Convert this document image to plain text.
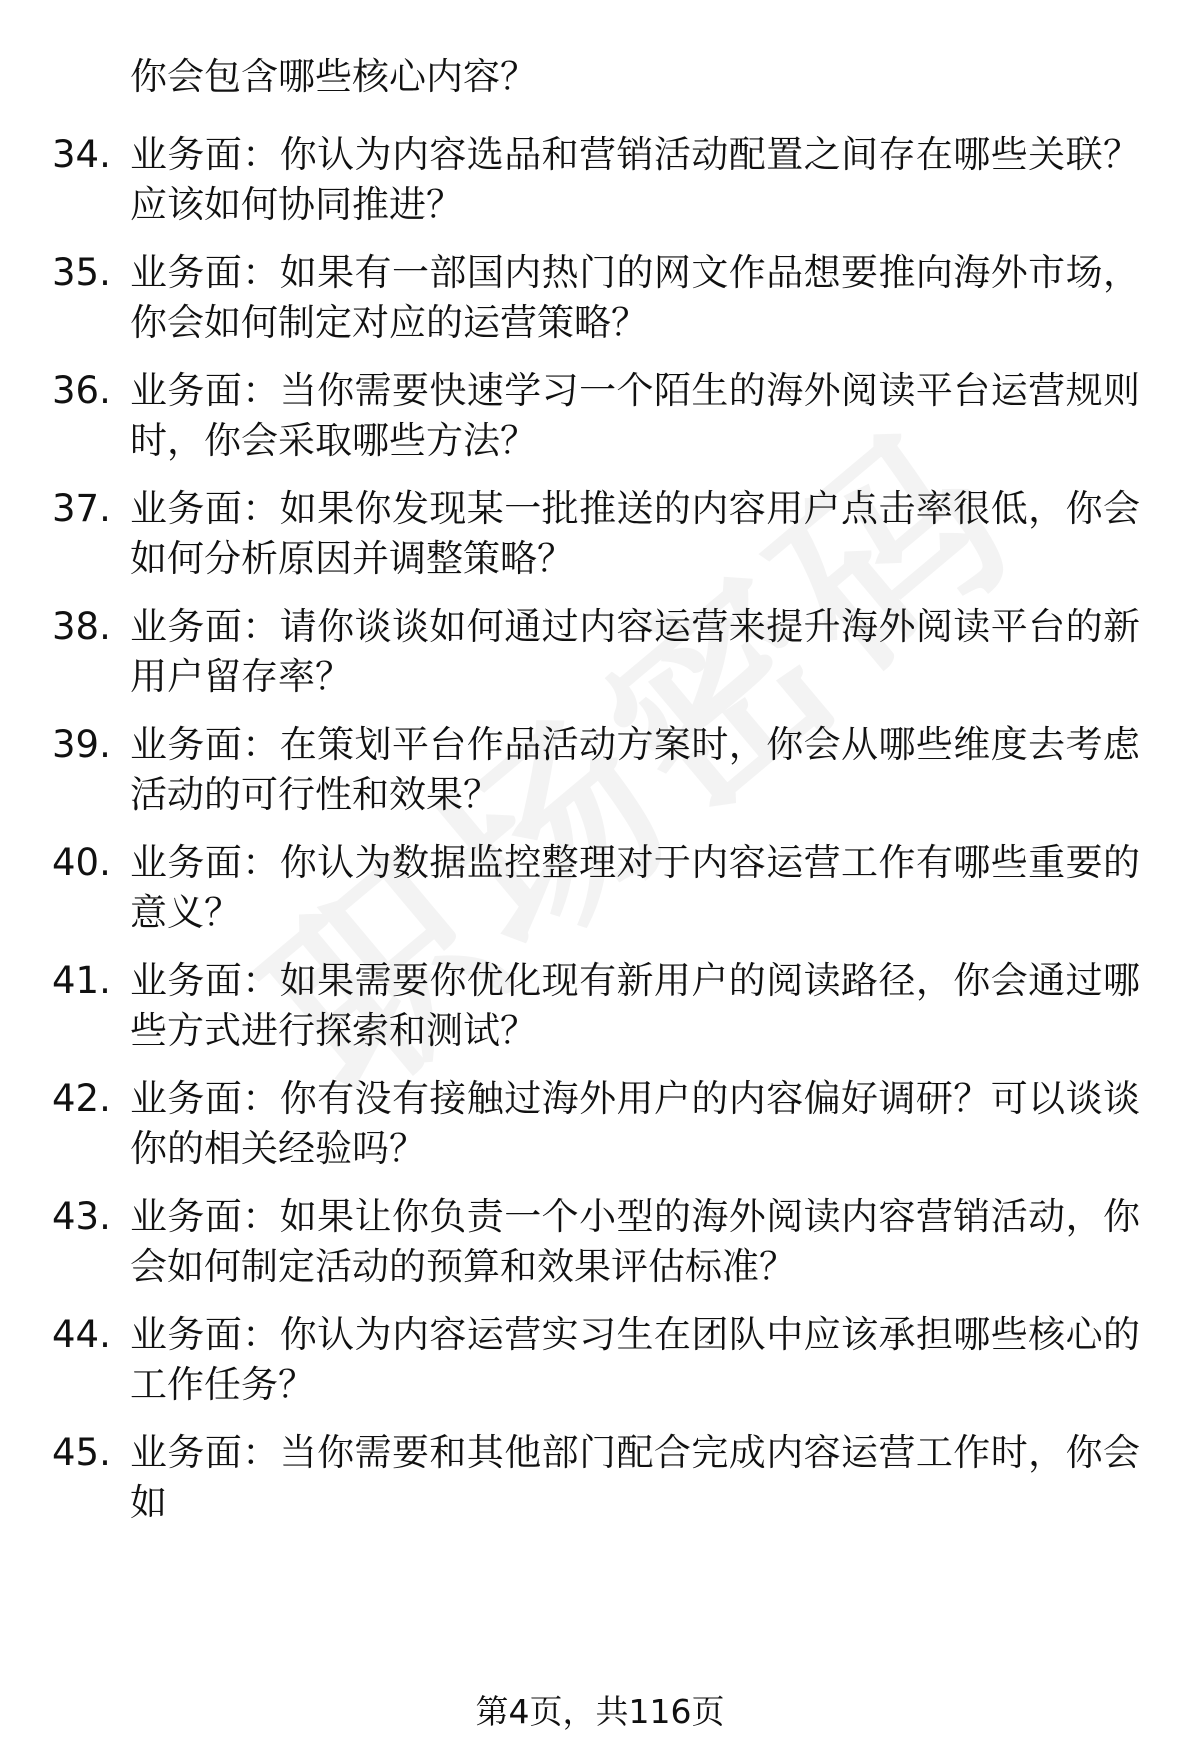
你会包含哪些核心内容？
34. 业务面：你认为内容选品和营销活动配置之间存在哪些关联？应该如何协同推进？
35. 业务面：如果有一部国内热门的网文作品想要推向海外市场，你会如何制定对应的运营策略？
36. 业务面：当你需要快速学习一个陌生的海外阅读平台运营规则时，你会采取哪些方法？
37. 业务面：如果你发现某一批推送的内容用户点击率很低，你会如何分析原因并调整策略？
38. 业务面：请你谈谈如何通过内容运营来提升海外阅读平台的新用户留存率？
39. 业务面：在策划平台作品活动方案时，你会从哪些维度去考虑活动的可行性和效果？
40. 业务面：你认为数据监控整理对于内容运营工作有哪些重要的意义？
41. 业务面：如果需要你优化现有新用户的阅读路径，你会通过哪些方式进行探索和测试？
42. 业务面：你有没有接触过海外用户的内容偏好调研？可以谈谈你的相关经验吗？
43. 业务面：如果让你负责一个小型的海外阅读内容营销活动，你会如何制定活动的预算和效果评估标准？
44. 业务面：你认为内容运营实习生在团队中应该承担哪些核心的工作任务？
45. 业务面：当你需要和其他部门配合完成内容运营工作时，你会如
第4页，共116页
